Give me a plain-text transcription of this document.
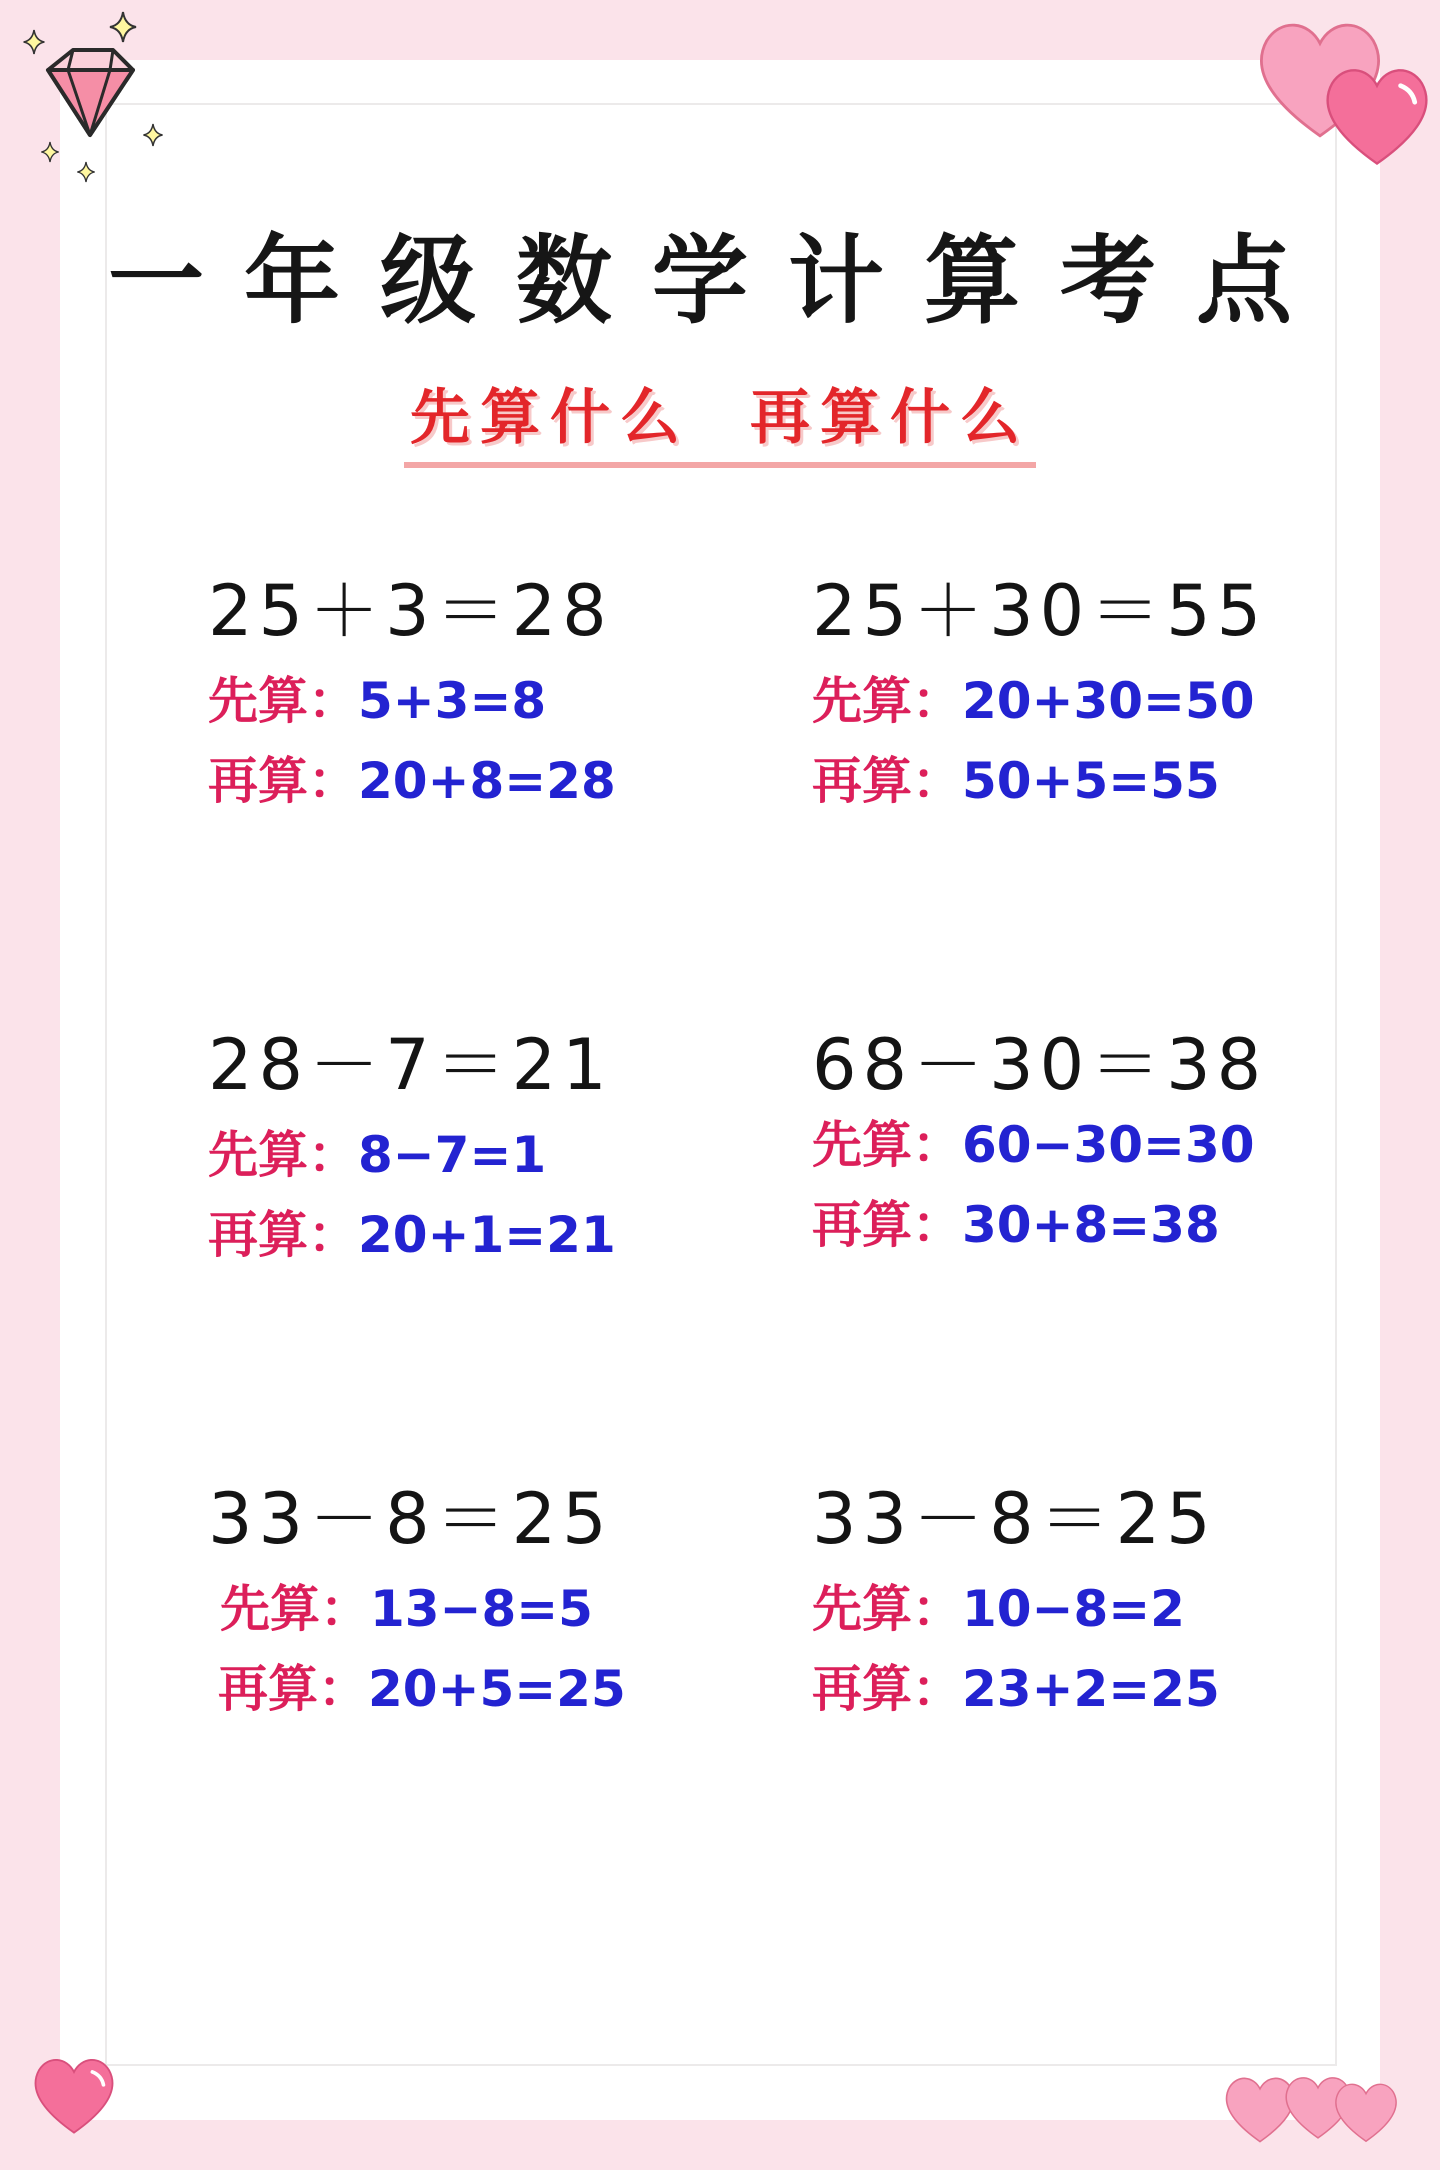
一年级数学计算考点
先算什么 再算什么
25＋3＝28
先算：5+3=8
再算：20+8=28
25＋30＝55
先算：20+30=50
再算：50+5=55
28－7＝21
先算：8−7=1
再算：20+1=21
68－30＝38
先算：60−30=30
再算：30+8=38
33－8＝25
先算：13−8=5
再算：20+5=25
33－8＝25
先算：10−8=2
再算：23+2=25
